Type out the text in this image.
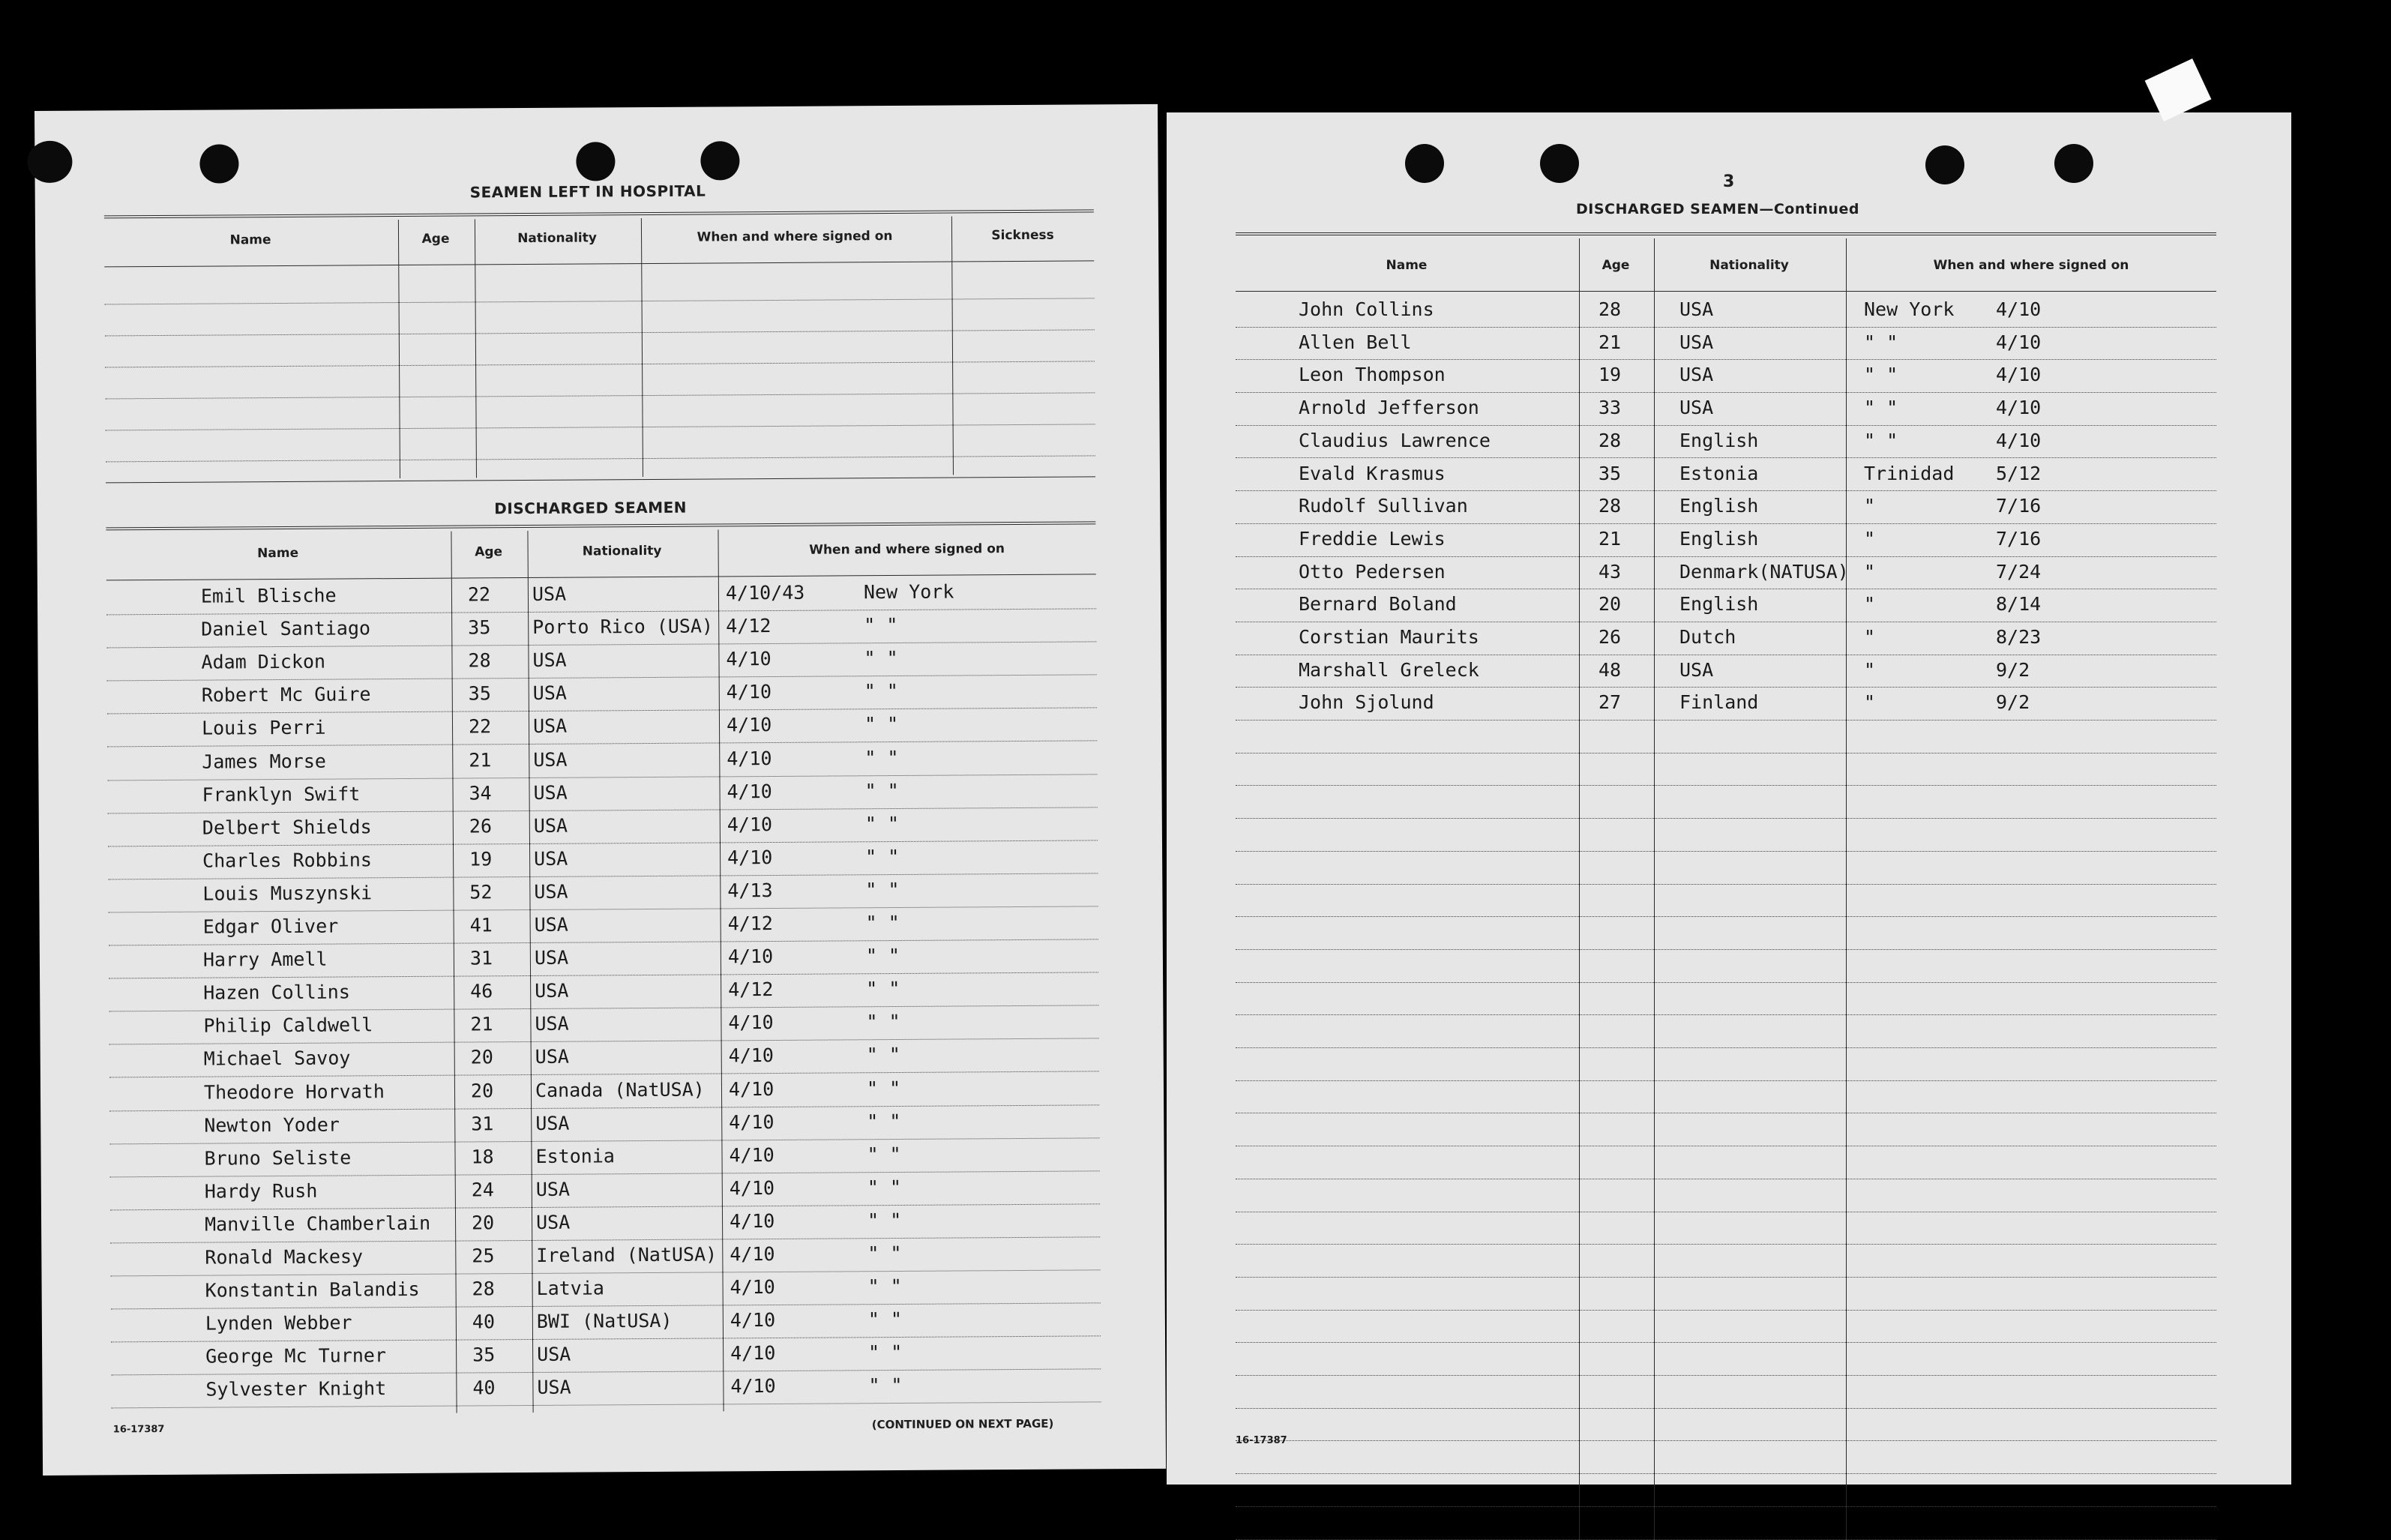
SEAMEN LEFT IN HOSPITAL
Name	Age	Nationality	When and where signed on	Sickness
DISCHARGED SEAMEN
Name	Age	Nationality	When and where signed on
Emil Blische	22 USA	4/10/43	New York
Daniel Santiago	35 Porto Rico (USA) 4/12	" "
Adam Dickon	28 USA	4/10	" "
Robert Mc Guire	35 USA	4/10	" "
Louis Perri	22 USA	4/10	" "
James Morse	21 USA	4/10	" "
Franklyn Swift	34 USA	4/10	" "
Delbert Shields	26 USA	4/10	" "
Charles Robbins	19 USA	4/10	" "
Louis Muszynski	52 USA	4/13	" "
Edgar Oliver	41 USA	4/12	" "
Harry Amell	31 USA	4/10	" "
Hazen Collins	46 USA	4/12	" "
Philip Caldwell	21 USA	4/10	" "
Michael Savoy	20 USA	4/10	" "
Theodore Horvath	20 Canada (NatUSA) 4/10	" "
Newton Yoder	31 USA	4/10	" "
Bruno Seliste	18 Estonia	4/10	" "
Hardy Rush	24 USA	4/10	" "
Manville Chamberlain 20 USA	4/10	" "
Ronald Mackesy	25 Ireland (NatUSA) 4/10	" "
Konstantin Balandis	28 Latvia	4/10	" "
Lynden Webber	40 BWI (NatUSA)	4/10	" "
George Mc Turner	35 USA	4/10	" "
Sylvester Knight	40 USA	4/10	" "
16-17387	(CONTINUED ON NEXT PAGE)
3
DISCHARGED SEAMEN—Continued
Name	Age	Nationality	When and where signed on
John Collins	28	USA	New York 4/10
Allen Bell	21	USA	" "	4/10
Leon Thompson	19	USA	" "	4/10
Arnold Jefferson	33	USA	" "	4/10
Claudius Lawrence	28	English	" "	4/10
Evald Krasmus	35	Estonia	Trinidad 5/12
Rudolf Sullivan	28	English	"	7/16
Freddie Lewis	21	English	"	7/16
Otto Pedersen	43	Denmark(NATUSA) "	7/24
Bernard Boland	20	English	"	8/14
Corstian Maurits	26	Dutch	"	8/23
Marshall Greleck	48	USA	"	9/2
John Sjolund	27	Finland	"	9/2
16-17387
